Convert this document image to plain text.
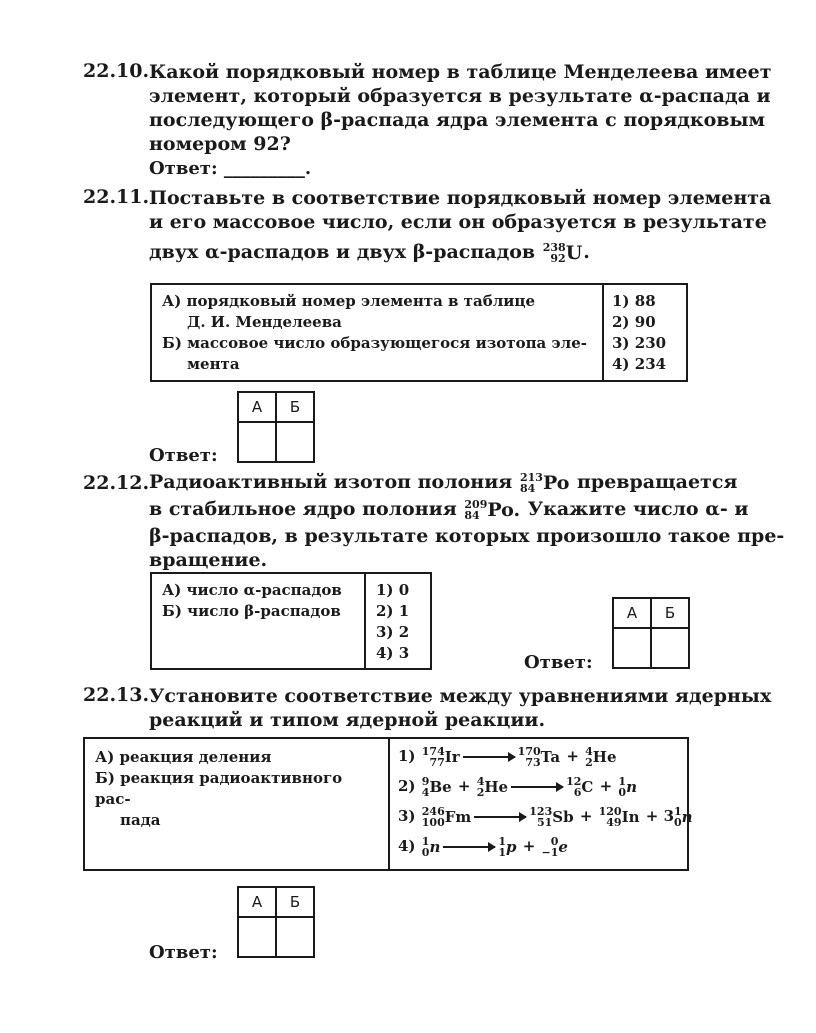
22.10. Какой порядковый номер в таблице Менделеева имеет
элемент, который образуется в результате α-распада и
последующего β-распада ядра элемента с порядковым
номером 92?
Ответ: _________.
22.11. Поставьте в соответствие порядковый номер элемента
и его массовое число, если он образуется в результате
двух α-распадов и двух β-распадов 238
92 U.
А) порядковый номер элемента в таблице
Д. И. Менделеева
Б) массовое число образующегося изотопа эле-
мента
1) 88
2) 90
3) 230
4) 234
А	Б

Ответ:
22.12. Радиоактивный изотоп полония 213
84 Po превращается
в стабильное ядро полония 209
84 Po. Укажите число α- и
β-распадов, в результате которых произошло такое пре-
вращение.
А) число α-распадов
Б) число β-распадов
1) 0
2) 1
3) 2
4) 3
А	Б

Ответ:
22.13. Установите соответствие между уравнениями ядерных
реакций и типом ядерной реакции.
А) реакция деления
Б) реакция радиоактивного рас-
пада
1) 174
77 Ir → 170
73 Ta + 4
2 He
2) 9
4 Be + 4
2 He → 12
6 C + 1
0 n
3) 246
100 Fm → 123
51 Sb + 120
49 In + 3 1
0 n
4) 1
0 n → 1
1 p +	0
−1 e
А	Б

Ответ:
